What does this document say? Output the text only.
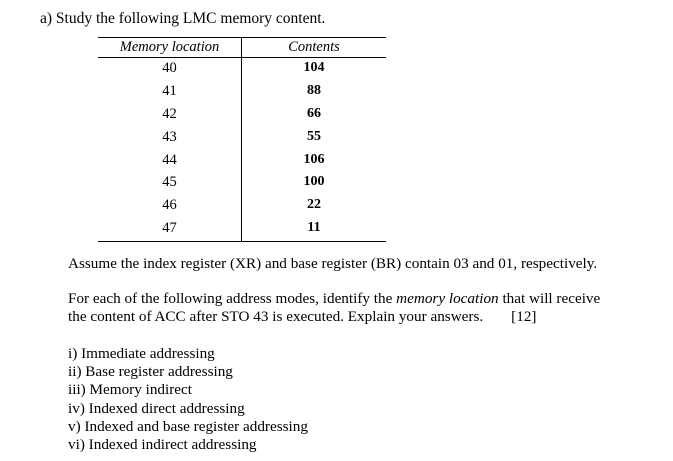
a) Study the following LMC memory content.
Memory location	Contents
40	104
41	88
42	66
43	55
44	106
45	100
46	22
47	11
Assume the index register (XR) and base register (BR) contain 03 and 01, respectively.
For each of the following address modes, identify the memory location that will receive
the content of ACC after STO 43 is executed. Explain your answers. [12]
i) Immediate addressing
ii) Base register addressing
iii) Memory indirect
iv) Indexed direct addressing
v) Indexed and base register addressing
vi) Indexed indirect addressing
